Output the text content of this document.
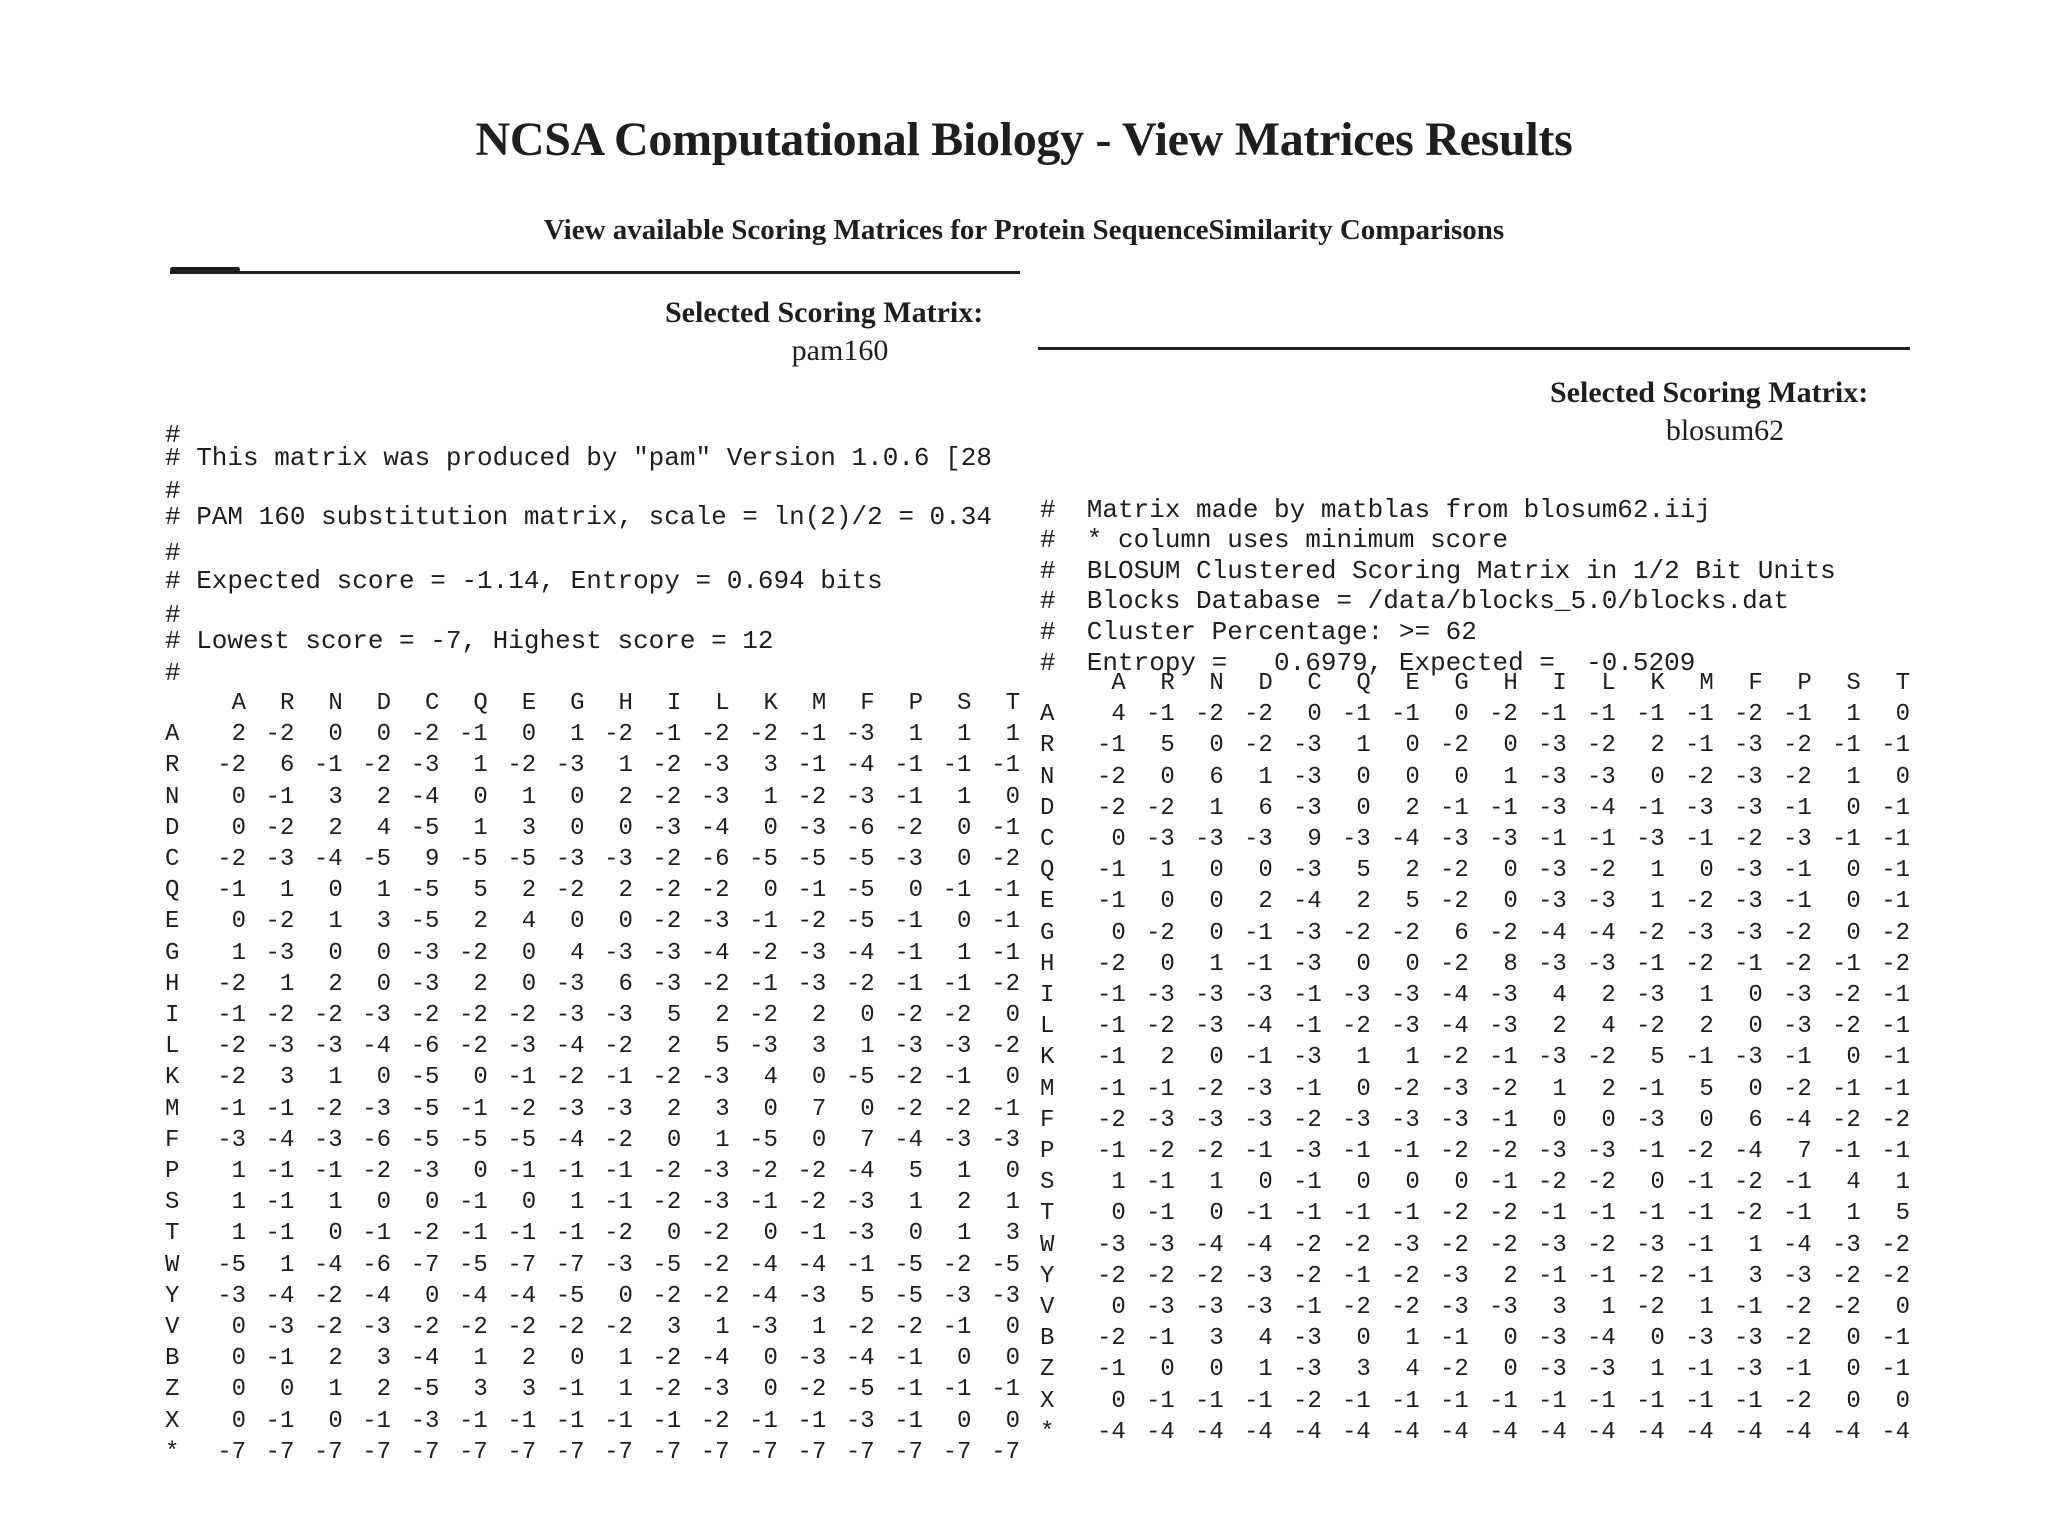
NCSA Computational Biology - View Matrices Results
View available Scoring Matrices for Protein SequenceSimilarity Comparisons
Selected Scoring Matrix:
pam160
Selected Scoring Matrix:
blosum62
#
# This matrix was produced by "pam" Version 1.0.6 [28
#
# PAM 160 substitution matrix, scale = ln(2)/2 = 0.34
#
# Expected score = -1.14, Entropy = 0.694 bits
#
# Lowest score = -7, Highest score = 12
#
#  Matrix made by matblas from blosum62.iij
#  * column uses minimum score
#  BLOSUM Clustered Scoring Matrix in 1/2 Bit Units
#  Blocks Database = /data/blocks_5.0/blocks.dat
#  Cluster Percentage: >= 62
#  Entropy =   0.6979, Expected =  -0.5209
	A	R	N	D	C	Q	E	G	H	I	L	K	M	F	P	S	T
A	2	-2	0	0	-2	-1	0	1	-2	-1	-2	-2	-1	-3	1	1	1
R	-2	6	-1	-2	-3	1	-2	-3	1	-2	-3	3	-1	-4	-1	-1	-1
N	0	-1	3	2	-4	0	1	0	2	-2	-3	1	-2	-3	-1	1	0
D	0	-2	2	4	-5	1	3	0	0	-3	-4	0	-3	-6	-2	0	-1
C	-2	-3	-4	-5	9	-5	-5	-3	-3	-2	-6	-5	-5	-5	-3	0	-2
Q	-1	1	0	1	-5	5	2	-2	2	-2	-2	0	-1	-5	0	-1	-1
E	0	-2	1	3	-5	2	4	0	0	-2	-3	-1	-2	-5	-1	0	-1
G	1	-3	0	0	-3	-2	0	4	-3	-3	-4	-2	-3	-4	-1	1	-1
H	-2	1	2	0	-3	2	0	-3	6	-3	-2	-1	-3	-2	-1	-1	-2
I	-1	-2	-2	-3	-2	-2	-2	-3	-3	5	2	-2	2	0	-2	-2	0
L	-2	-3	-3	-4	-6	-2	-3	-4	-2	2	5	-3	3	1	-3	-3	-2
K	-2	3	1	0	-5	0	-1	-2	-1	-2	-3	4	0	-5	-2	-1	0
M	-1	-1	-2	-3	-5	-1	-2	-3	-3	2	3	0	7	0	-2	-2	-1
F	-3	-4	-3	-6	-5	-5	-5	-4	-2	0	1	-5	0	7	-4	-3	-3
P	1	-1	-1	-2	-3	0	-1	-1	-1	-2	-3	-2	-2	-4	5	1	0
S	1	-1	1	0	0	-1	0	1	-1	-2	-3	-1	-2	-3	1	2	1
T	1	-1	0	-1	-2	-1	-1	-1	-2	0	-2	0	-1	-3	0	1	3
W	-5	1	-4	-6	-7	-5	-7	-7	-3	-5	-2	-4	-4	-1	-5	-2	-5
Y	-3	-4	-2	-4	0	-4	-4	-5	0	-2	-2	-4	-3	5	-5	-3	-3
V	0	-3	-2	-3	-2	-2	-2	-2	-2	3	1	-3	1	-2	-2	-1	0
B	0	-1	2	3	-4	1	2	0	1	-2	-4	0	-3	-4	-1	0	0
Z	0	0	1	2	-5	3	3	-1	1	-2	-3	0	-2	-5	-1	-1	-1
X	0	-1	0	-1	-3	-1	-1	-1	-1	-1	-2	-1	-1	-3	-1	0	0
*	-7	-7	-7	-7	-7	-7	-7	-7	-7	-7	-7	-7	-7	-7	-7	-7	-7
	A	R	N	D	C	Q	E	G	H	I	L	K	M	F	P	S	T
A	4	-1	-2	-2	0	-1	-1	0	-2	-1	-1	-1	-1	-2	-1	1	0
R	-1	5	0	-2	-3	1	0	-2	0	-3	-2	2	-1	-3	-2	-1	-1
N	-2	0	6	1	-3	0	0	0	1	-3	-3	0	-2	-3	-2	1	0
D	-2	-2	1	6	-3	0	2	-1	-1	-3	-4	-1	-3	-3	-1	0	-1
C	0	-3	-3	-3	9	-3	-4	-3	-3	-1	-1	-3	-1	-2	-3	-1	-1
Q	-1	1	0	0	-3	5	2	-2	0	-3	-2	1	0	-3	-1	0	-1
E	-1	0	0	2	-4	2	5	-2	0	-3	-3	1	-2	-3	-1	0	-1
G	0	-2	0	-1	-3	-2	-2	6	-2	-4	-4	-2	-3	-3	-2	0	-2
H	-2	0	1	-1	-3	0	0	-2	8	-3	-3	-1	-2	-1	-2	-1	-2
I	-1	-3	-3	-3	-1	-3	-3	-4	-3	4	2	-3	1	0	-3	-2	-1
L	-1	-2	-3	-4	-1	-2	-3	-4	-3	2	4	-2	2	0	-3	-2	-1
K	-1	2	0	-1	-3	1	1	-2	-1	-3	-2	5	-1	-3	-1	0	-1
M	-1	-1	-2	-3	-1	0	-2	-3	-2	1	2	-1	5	0	-2	-1	-1
F	-2	-3	-3	-3	-2	-3	-3	-3	-1	0	0	-3	0	6	-4	-2	-2
P	-1	-2	-2	-1	-3	-1	-1	-2	-2	-3	-3	-1	-2	-4	7	-1	-1
S	1	-1	1	0	-1	0	0	0	-1	-2	-2	0	-1	-2	-1	4	1
T	0	-1	0	-1	-1	-1	-1	-2	-2	-1	-1	-1	-1	-2	-1	1	5
W	-3	-3	-4	-4	-2	-2	-3	-2	-2	-3	-2	-3	-1	1	-4	-3	-2
Y	-2	-2	-2	-3	-2	-1	-2	-3	2	-1	-1	-2	-1	3	-3	-2	-2
V	0	-3	-3	-3	-1	-2	-2	-3	-3	3	1	-2	1	-1	-2	-2	0
B	-2	-1	3	4	-3	0	1	-1	0	-3	-4	0	-3	-3	-2	0	-1
Z	-1	0	0	1	-3	3	4	-2	0	-3	-3	1	-1	-3	-1	0	-1
X	0	-1	-1	-1	-2	-1	-1	-1	-1	-1	-1	-1	-1	-1	-2	0	0
*	-4	-4	-4	-4	-4	-4	-4	-4	-4	-4	-4	-4	-4	-4	-4	-4	-4
